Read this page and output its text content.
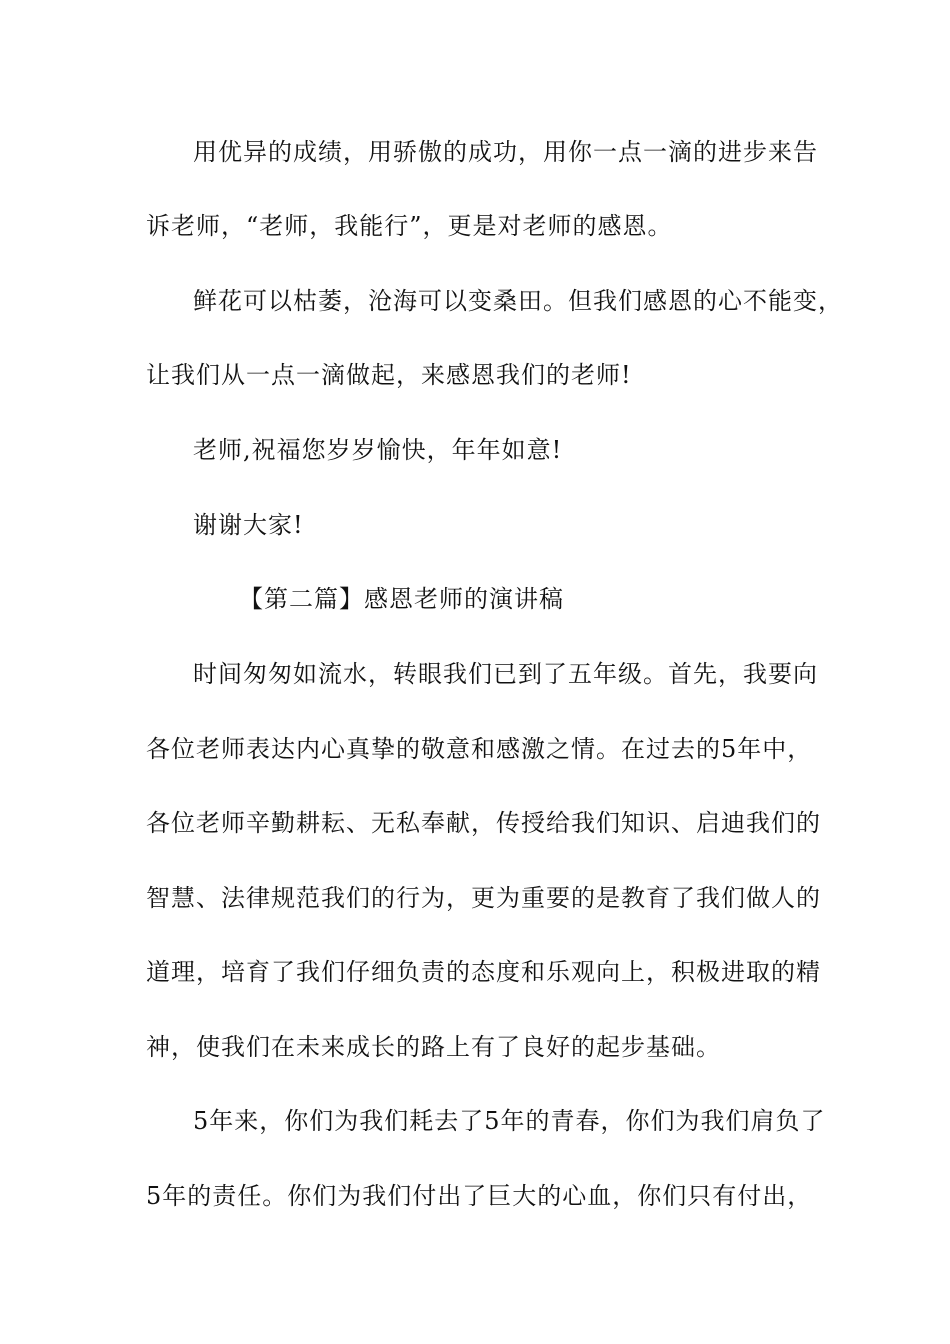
用优异的成绩，用骄傲的成功，用你一点一滴的进步来告
诉老师，“老师，我能行”，更是对老师的感恩。
鲜花可以枯萎，沧海可以变桑田。但我们感恩的心不能变，
让我们从一点一滴做起，来感恩我们的老师!
老师,祝福您岁岁愉快，年年如意!
谢谢大家!
【第二篇】感恩老师的演讲稿
时间匆匆如流水，转眼我们已到了五年级。首先，我要向
各位老师表达内心真挚的敬意和感激之情。在过去的5年中，
各位老师辛勤耕耘、无私奉献，传授给我们知识、启迪我们的
智慧、法律规范我们的行为，更为重要的是教育了我们做人的
道理，培育了我们仔细负责的态度和乐观向上，积极进取的精
神，使我们在未来成长的路上有了良好的起步基础。
5年来，你们为我们耗去了5年的青春，你们为我们肩负了
5年的责任。你们为我们付出了巨大的心血，你们只有付出，
